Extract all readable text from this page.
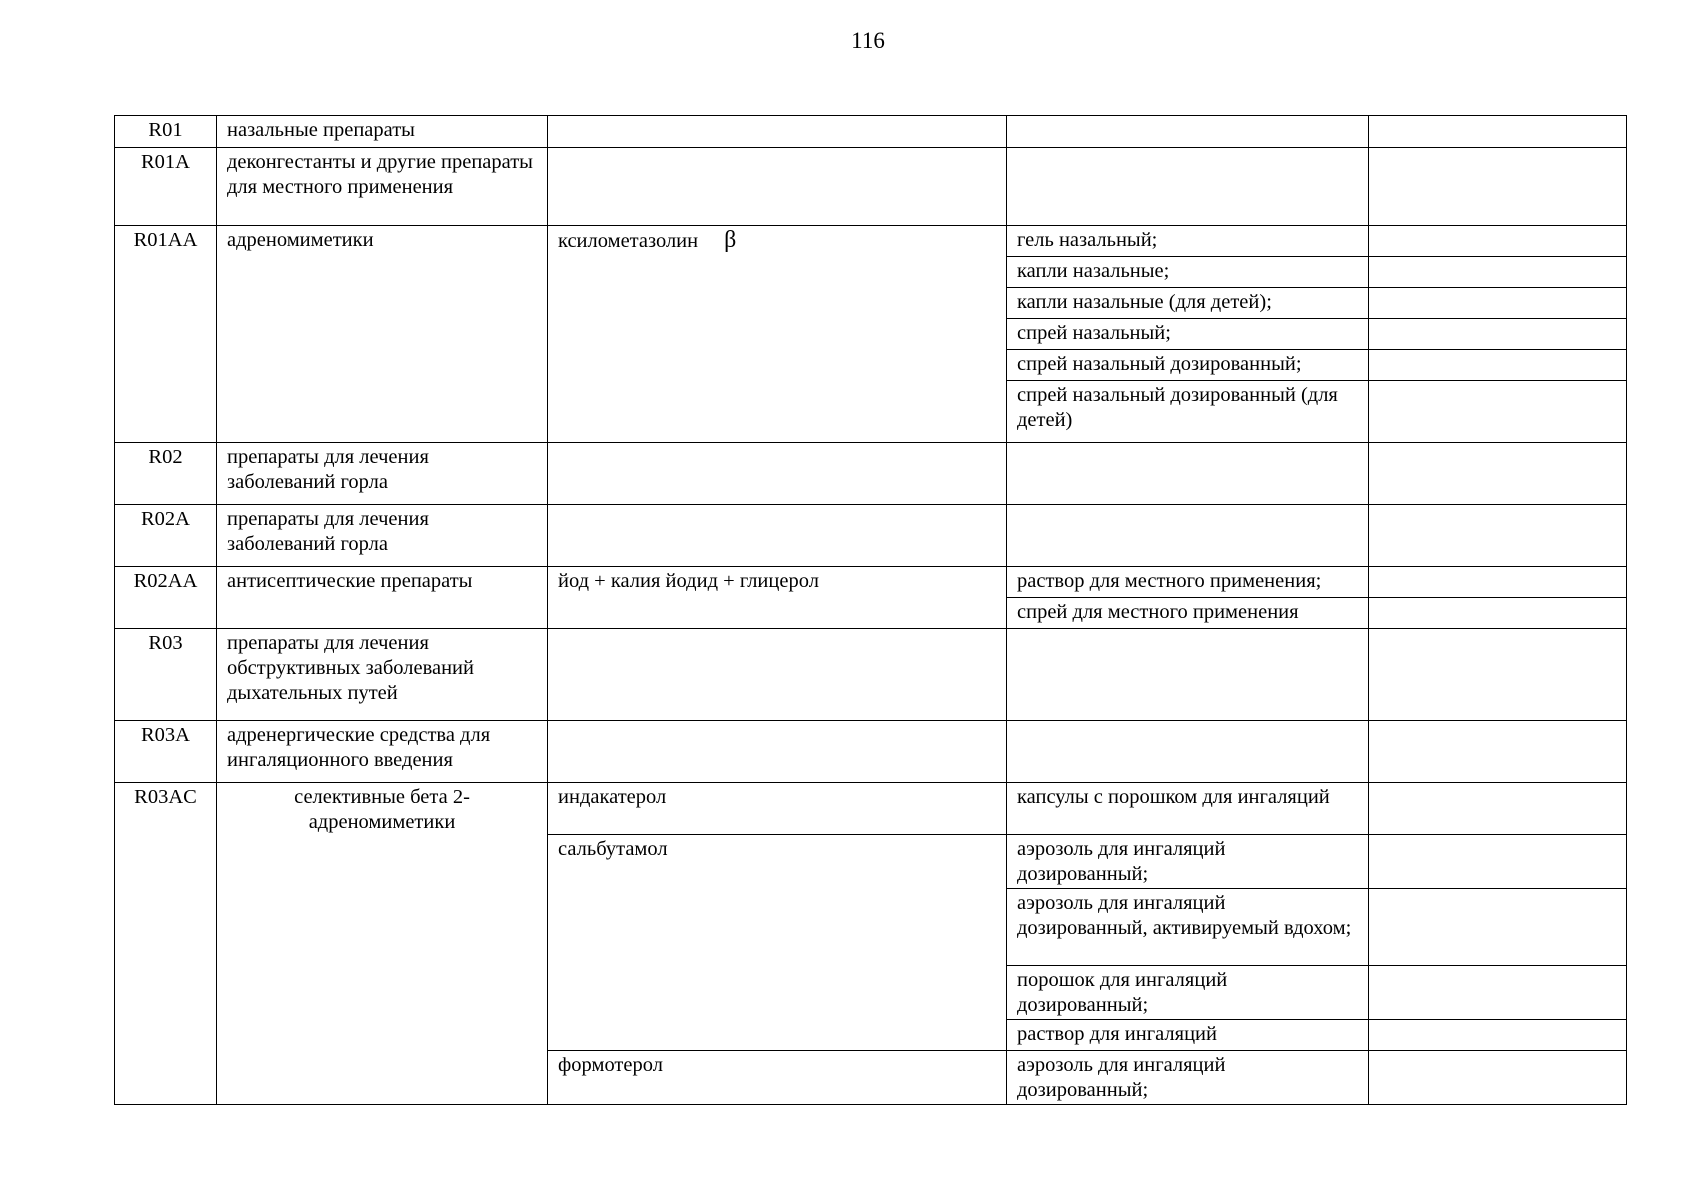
116
R01	назальные препараты			
R01A	деконгестанты и другие препараты для местного применения			
R01AA	адреномиметики	ксилометазолин β	гель назальный;	
			капли назальные;	
			капли назальные (для детей);	
			спрей назальный;	
			спрей назальный дозированный;	
			спрей назальный дозированный (для детей)	
R02	препараты для лечения заболеваний горла			
R02A	препараты для лечения заболеваний горла			
R02AA	антисептические препараты	йод + калия йодид + глицерол	раствор для местного применения;	
			спрей для местного применения	
R03	препараты для лечения обструктивных заболеваний дыхательных путей			
R03A	адренергические средства для ингаляционного введения			
R03AC	селективные бета 2-адреномиметики	индакатерол	капсулы с порошком для ингаляций	
		сальбутамол	аэрозоль для ингаляций дозированный;	
			аэрозоль для ингаляций дозированный, активируемый вдохом;	
			порошок для ингаляций дозированный;	
			раствор для ингаляций	
		формотерол	аэрозоль для ингаляций дозированный;	
